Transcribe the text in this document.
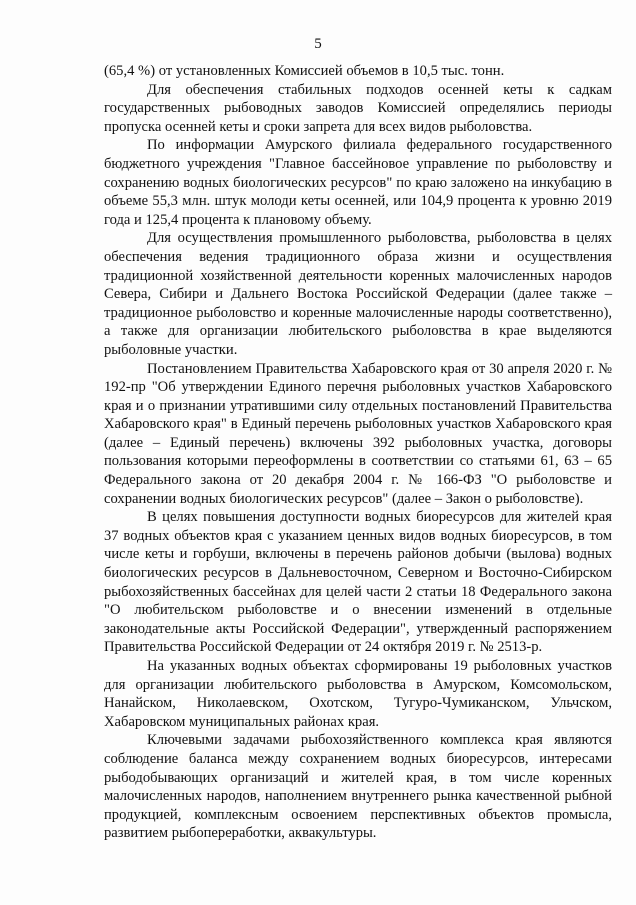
5

(65,4 %) от установленных Комиссией объемов в 10,5 тыс. тонн.

Для обеспечения стабильных подходов осенней кеты к садкам государственных рыбоводных заводов Комиссией определялись периоды пропуска осенней кеты и сроки запрета для всех видов рыболовства.

По информации Амурского филиала федерального государственного бюджетного учреждения "Главное бассейновое управление по рыболовству и сохранению водных биологических ресурсов" по краю заложено на инкубацию в объеме 55,3 млн. штук молоди кеты осенней, или 104,9 процента к уровню 2019 года и 125,4 процента к плановому объему.

Для осуществления промышленного рыболовства, рыболовства в целях обеспечения ведения традиционного образа жизни и осуществления традиционной хозяйственной деятельности коренных малочисленных народов Севера, Сибири и Дальнего Востока Российской Федерации (далее также – традиционное рыболовство и коренные малочисленные народы соответственно), а также для организации любительского рыболовства в крае выделяются рыболовные участки.

Постановлением Правительства Хабаровского края от 30 апреля 2020 г. № 192-пр "Об утверждении Единого перечня рыболовных участков Хабаровского края и о признании утратившими силу отдельных постановлений Правительства Хабаровского края" в Единый перечень рыболовных участков Хабаровского края (далее – Единый перечень) включены 392 рыболовных участка, договоры пользования которыми переоформлены в соответствии со статьями 61, 63 – 65 Федерального закона от 20 декабря 2004 г. № 166-ФЗ "О рыболовстве и сохранении водных биологических ресурсов" (далее – Закон о рыболовстве).

В целях повышения доступности водных биоресурсов для жителей края 37 водных объектов края с указанием ценных видов водных биоресурсов, в том числе кеты и горбуши, включены в перечень районов добычи (вылова) водных биологических ресурсов в Дальневосточном, Северном и Восточно-Сибирском рыбохозяйственных бассейнах для целей части 2 статьи 18 Федерального закона "О любительском рыболовстве и о внесении изменений в отдельные законодательные акты Российской Федерации", утвержденный распоряжением Правительства Российской Федерации от 24 октября 2019 г. № 2513-р.

На указанных водных объектах сформированы 19 рыболовных участков для организации любительского рыболовства в Амурском, Комсомольском, Нанайском, Николаевском, Охотском, Тугуро-Чумиканском, Ульчском, Хабаровском муниципальных районах края.

Ключевыми задачами рыбохозяйственного комплекса края являются соблюдение баланса между сохранением водных биоресурсов, интересами рыбодобывающих организаций и жителей края, в том числе коренных малочисленных народов, наполнением внутреннего рынка качественной рыбной продукцией, комплексным освоением перспективных объектов промысла, развитием рыбопереработки, аквакультуры.
